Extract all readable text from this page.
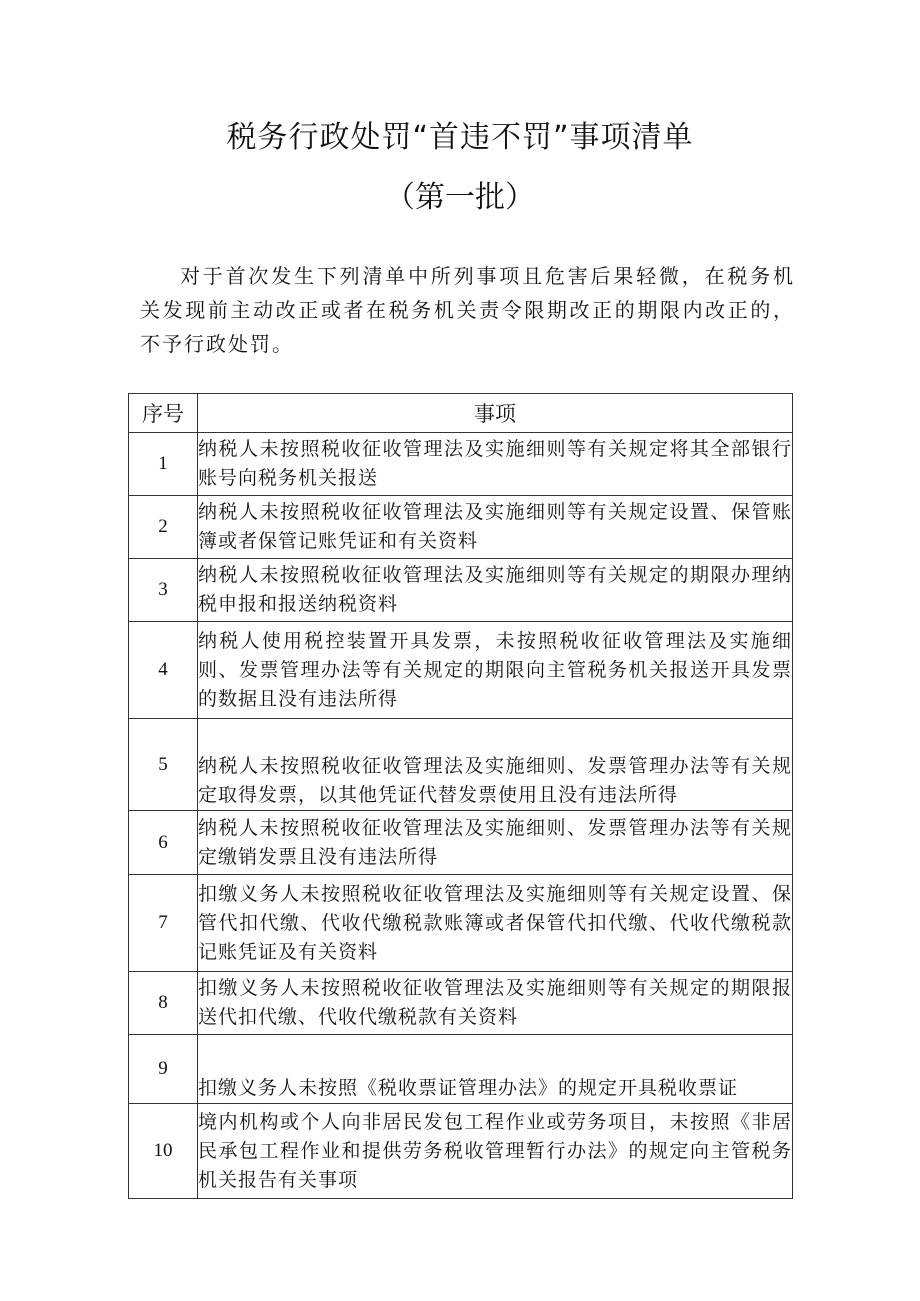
税务行政处罚“首违不罚”事项清单
（第一批）
对于首次发生下列清单中所列事项且危害后果轻微，在税务机关发现前主动改正或者在税务机关责令限期改正的期限内改正的，不予行政处罚。
序号	事项
1	纳税人未按照税收征收管理法及实施细则等有关规定将其全部银行账号向税务机关报送
2	纳税人未按照税收征收管理法及实施细则等有关规定设置、保管账簿或者保管记账凭证和有关资料
3	纳税人未按照税收征收管理法及实施细则等有关规定的期限办理纳税申报和报送纳税资料
4	纳税人使用税控装置开具发票，未按照税收征收管理法及实施细则、发票管理办法等有关规定的期限向主管税务机关报送开具发票的数据且没有违法所得
5	纳税人未按照税收征收管理法及实施细则、发票管理办法等有关规定取得发票，以其他凭证代替发票使用且没有违法所得
6	纳税人未按照税收征收管理法及实施细则、发票管理办法等有关规定缴销发票且没有违法所得
7	扣缴义务人未按照税收征收管理法及实施细则等有关规定设置、保管代扣代缴、代收代缴税款账簿或者保管代扣代缴、代收代缴税款记账凭证及有关资料
8	扣缴义务人未按照税收征收管理法及实施细则等有关规定的期限报送代扣代缴、代收代缴税款有关资料
9	扣缴义务人未按照《税收票证管理办法》的规定开具税收票证
10	境内机构或个人向非居民发包工程作业或劳务项目，未按照《非居民承包工程作业和提供劳务税收管理暂行办法》的规定向主管税务机关报告有关事项
